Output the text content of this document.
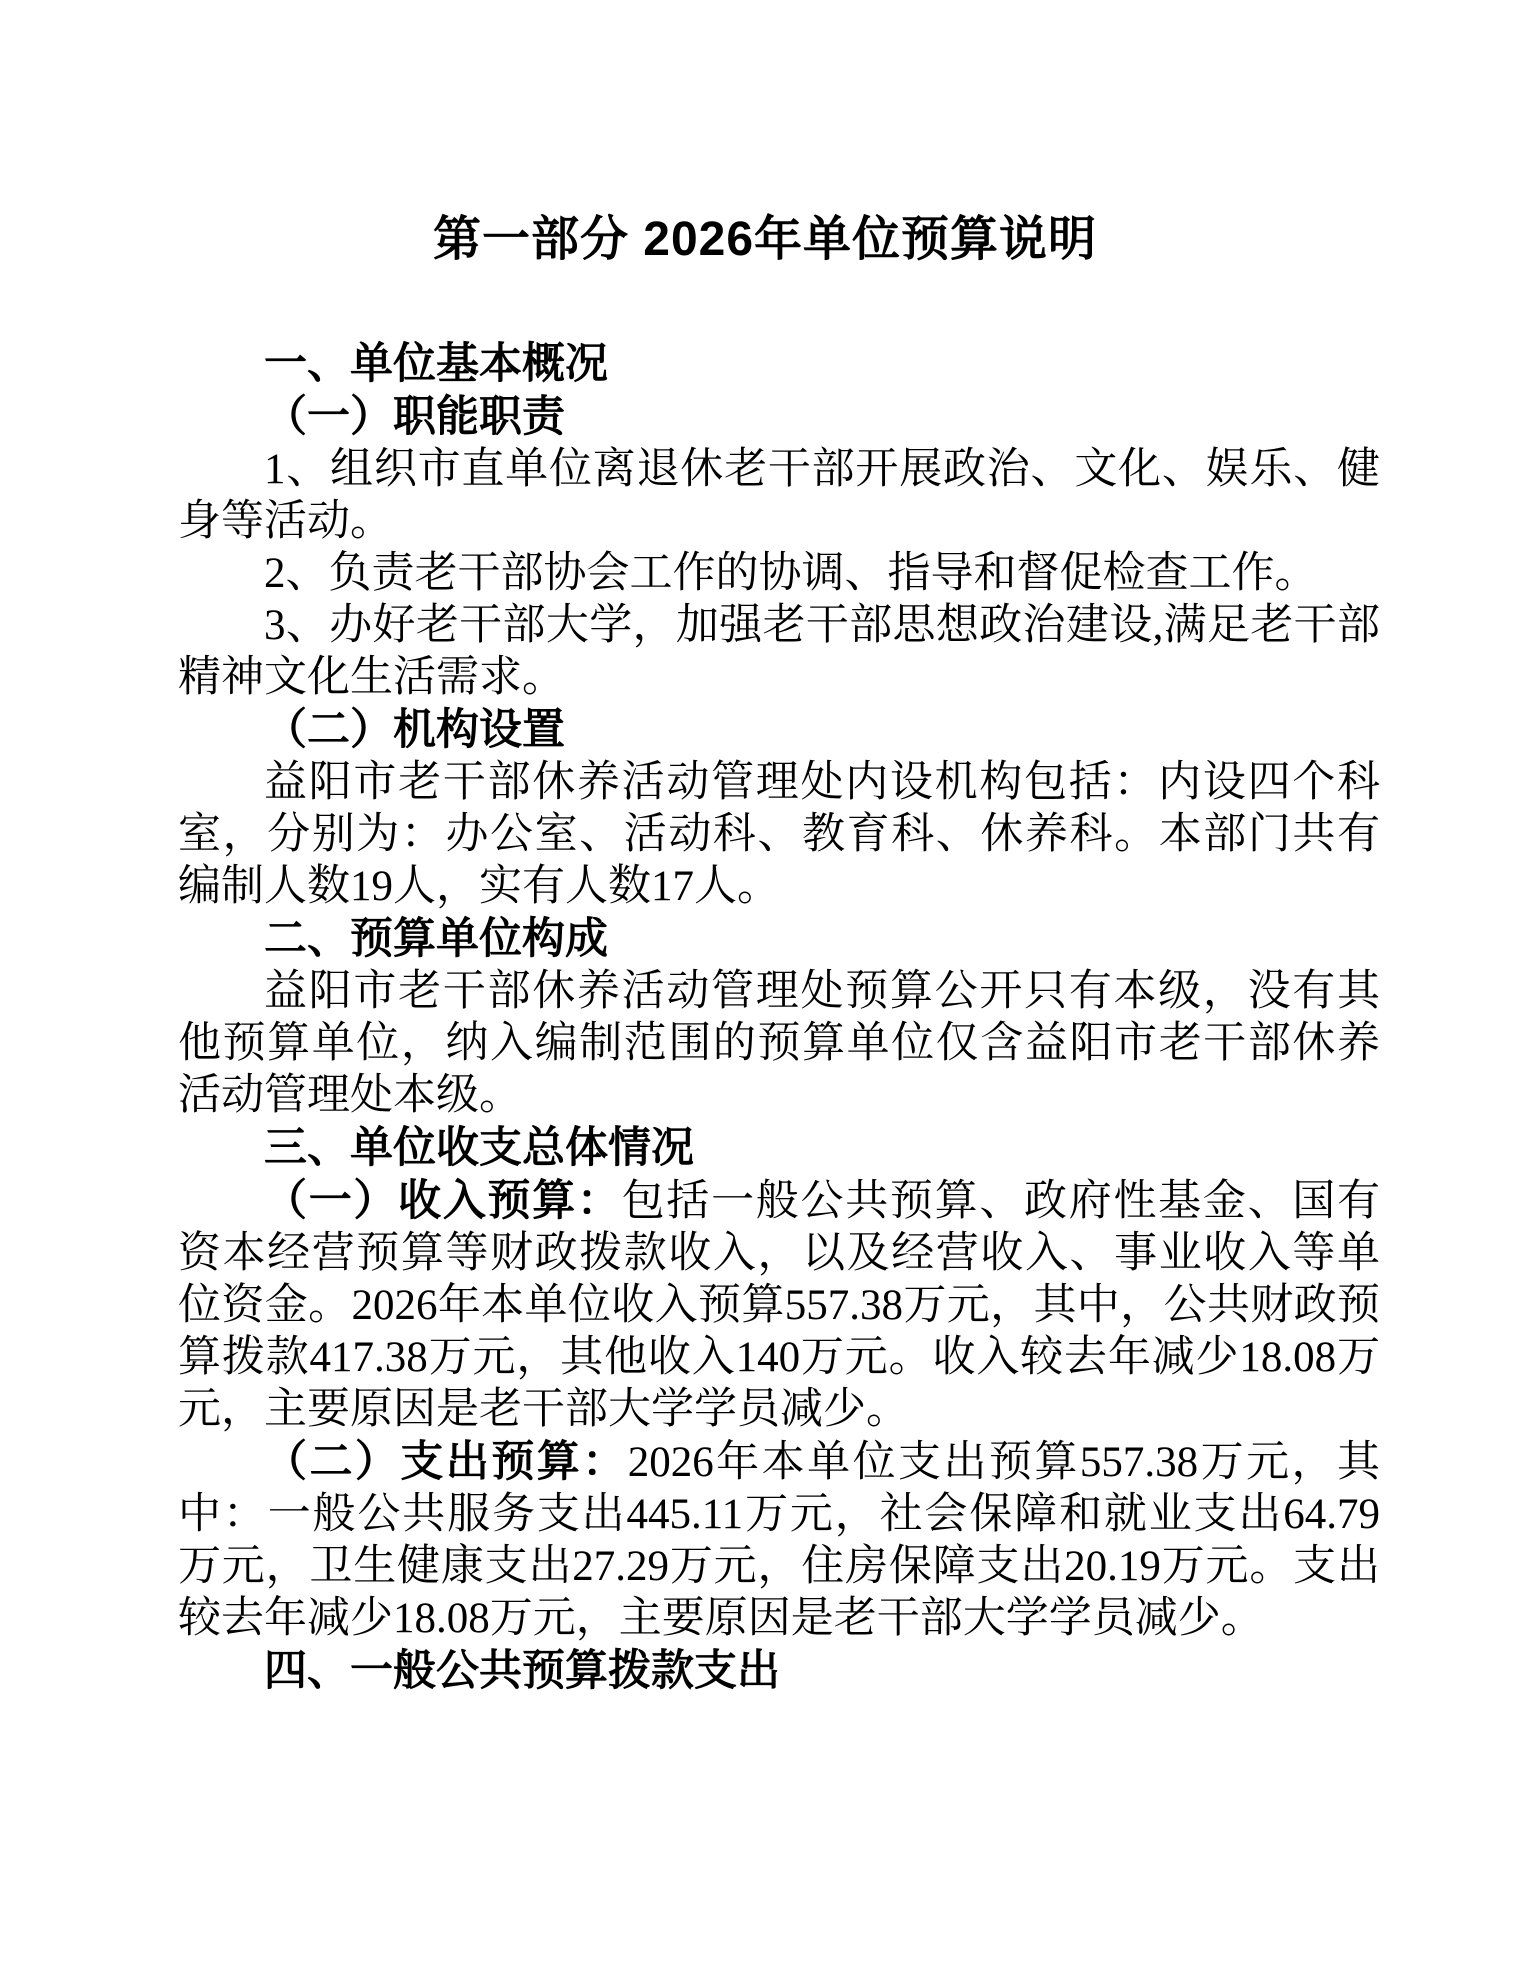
第一部分 2026年单位预算说明

一、单位基本概况

（一）职能职责

1、组织市直单位离退休老干部开展政治、文化、娱乐、健身等活动。

2、负责老干部协会工作的协调、指导和督促检查工作。

3、办好老干部大学，加强老干部思想政治建设,满足老干部精神文化生活需求。

（二）机构设置

益阳市老干部休养活动管理处内设机构包括：内设四个科室，分别为：办公室、活动科、教育科、休养科。本部门共有编制人数19人，实有人数17人。

二、预算单位构成

益阳市老干部休养活动管理处预算公开只有本级，没有其他预算单位，纳入编制范围的预算单位仅含益阳市老干部休养活动管理处本级。

三、单位收支总体情况

（一）收入预算：包括一般公共预算、政府性基金、国有资本经营预算等财政拨款收入，以及经营收入、事业收入等单位资金。2026年本单位收入预算557.38万元，其中，公共财政预算拨款417.38万元，其他收入140万元。收入较去年减少18.08万元，主要原因是老干部大学学员减少。

（二）支出预算：2026年本单位支出预算557.38万元，其中：一般公共服务支出445.11万元，社会保障和就业支出64.79万元，卫生健康支出27.29万元，住房保障支出20.19万元。支出较去年减少18.08万元，主要原因是老干部大学学员减少。

四、一般公共预算拨款支出
